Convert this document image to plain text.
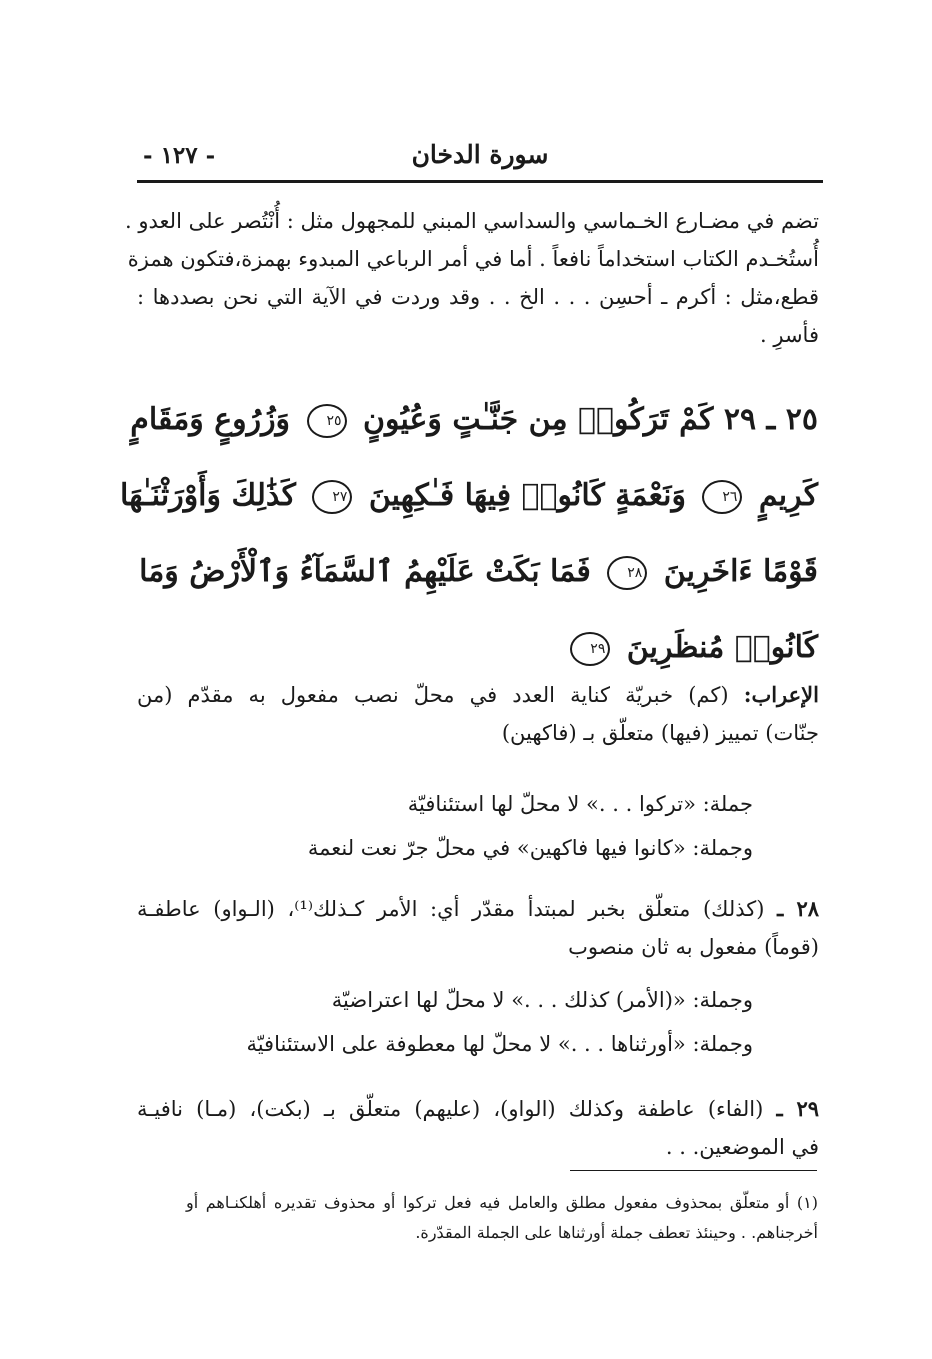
سورة الدخان
- ١٢٧ -
تضم في مضـارع الخـماسي والسداسي المبني للمجهول مثل : أُنْتُصر على العدو .
أُستُخـدم الكتاب استخداماً نافعاً . أما في أمر الرباعي المبدوء بهمزة،فتكون همزة
قطع،مثل : أكرم ـ أحسِن . . . الخ . . وقد وردت في الآية التي نحن بصددها :
فأسرِ .
٢٥ ـ ٢٩ كَمْ تَرَكُوا۟ مِن جَنَّـٰتٍ وَعُيُونٍ ٢٥ وَزُرُوعٍ وَمَقَامٍ
كَرِيمٍ ٢٦ وَنَعْمَةٍ كَانُوا۟ فِيهَا فَـٰكِهِينَ ٢٧ كَذَٰلِكَ وَأَوْرَثْنَـٰهَا
قَوْمًا ءَاخَرِينَ ٢٨ فَمَا بَكَتْ عَلَيْهِمُ ٱلسَّمَآءُ وَٱلْأَرْضُ وَمَا
كَانُوا۟ مُنظَرِينَ ٢٩
الإعراب: (كم) خبريّة كناية العدد في محلّ نصب مفعول به مقدّم (من
جنّات) تمييز (فيها) متعلّق بـ (فاكهين)
جملة: «تركوا . . .» لا محلّ لها استئنافيّة
وجملة: «كانوا فيها فاكهين» في محلّ جرّ نعت لنعمة
٢٨ ـ (كذلك) متعلّق بخبر لمبتدأ مقدّر أي: الأمر كـذلك⁽¹⁾، (الـواو) عاطفـة
(قوماً) مفعول به ثان منصوب
وجملة: «(الأمر) كذلك . . .» لا محلّ لها اعتراضيّة
وجملة: «أورثناها . . .» لا محلّ لها معطوفة على الاستئنافيّة
٢٩ ـ (الفاء) عاطفة وكذلك (الواو)، (عليهم) متعلّق بـ (بكت)، (مـا) نافيـة
في الموضعين. . .
(١) أو متعلّق بمحذوف مفعول مطلق والعامل فيه فعل تركوا أو محذوف تقديره أهلكنـاهم أو
أخرجناهم. . وحينئذ تعطف جملة أورثناها على الجملة المقدّرة.
